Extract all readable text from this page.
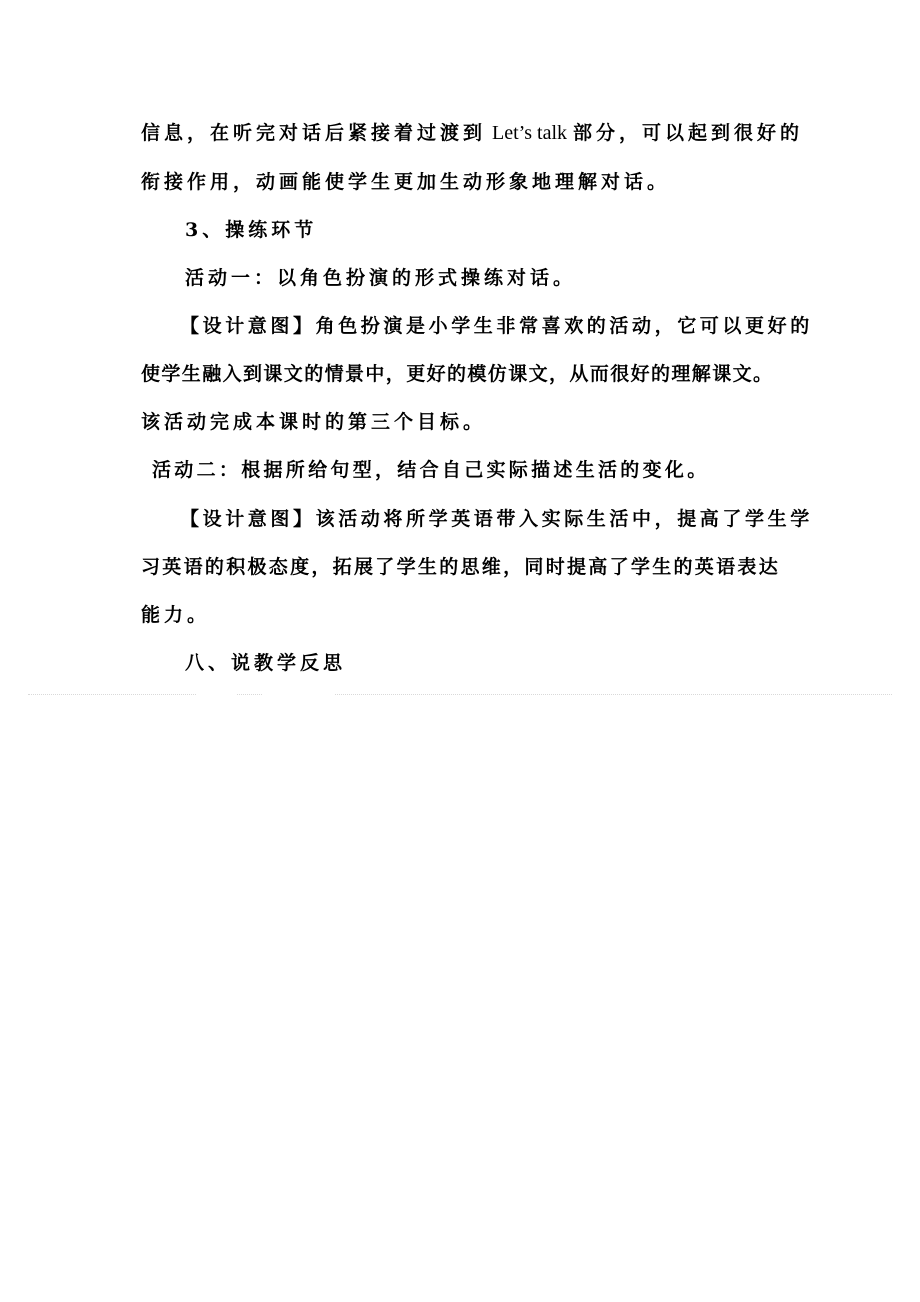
信息，在听完对话后紧接着过渡到 Let’s talk 部分，可以起到很好的
衔接作用，动画能使学生更加生动形象地理解对话。
3、操练环节
活动一：以角色扮演的形式操练对话。
【设计意图】角色扮演是小学生非常喜欢的活动，它可以更好的
使学生融入到课文的情景中，更好的模仿课文，从而很好的理解课文。
该活动完成本课时的第三个目标。
活动二：根据所给句型，结合自己实际描述生活的变化。
【设计意图】该活动将所学英语带入实际生活中，提高了学生学
习英语的积极态度，拓展了学生的思维，同时提高了学生的英语表达
能力。
八、说教学反思
